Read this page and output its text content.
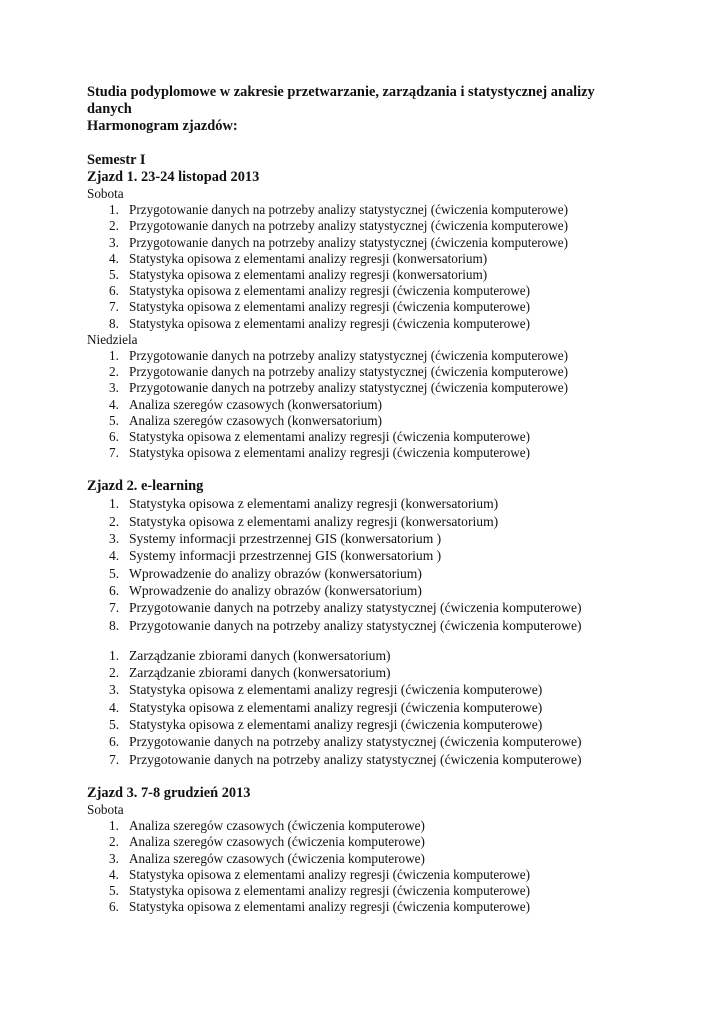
Studia podyplomowe w zakresie przetwarzanie, zarządzania i statystycznej analizy

danych

Harmonogram zjazdów:

Semestr I

Zjazd 1. 23-24 listopad 2013

Sobota

1. Przygotowanie danych na potrzeby analizy statystycznej (ćwiczenia komputerowe)
2. Przygotowanie danych na potrzeby analizy statystycznej (ćwiczenia komputerowe)
3. Przygotowanie danych na potrzeby analizy statystycznej (ćwiczenia komputerowe)
4. Statystyka opisowa z elementami analizy regresji (konwersatorium)
5. Statystyka opisowa z elementami analizy regresji (konwersatorium)
6. Statystyka opisowa z elementami analizy regresji (ćwiczenia komputerowe)
7. Statystyka opisowa z elementami analizy regresji (ćwiczenia komputerowe)
8. Statystyka opisowa z elementami analizy regresji (ćwiczenia komputerowe)

Niedziela

1. Przygotowanie danych na potrzeby analizy statystycznej (ćwiczenia komputerowe)
2. Przygotowanie danych na potrzeby analizy statystycznej (ćwiczenia komputerowe)
3. Przygotowanie danych na potrzeby analizy statystycznej (ćwiczenia komputerowe)
4. Analiza szeregów czasowych (konwersatorium)
5. Analiza szeregów czasowych (konwersatorium)
6. Statystyka opisowa z elementami analizy regresji (ćwiczenia komputerowe)
7. Statystyka opisowa z elementami analizy regresji (ćwiczenia komputerowe)

Zjazd 2. e-learning

1. Statystyka opisowa z elementami analizy regresji (konwersatorium)
2. Statystyka opisowa z elementami analizy regresji (konwersatorium)
3. Systemy informacji przestrzennej GIS (konwersatorium )
4. Systemy informacji przestrzennej GIS (konwersatorium )
5. Wprowadzenie do analizy obrazów (konwersatorium)
6. Wprowadzenie do analizy obrazów (konwersatorium)
7. Przygotowanie danych na potrzeby analizy statystycznej (ćwiczenia komputerowe)
8. Przygotowanie danych na potrzeby analizy statystycznej (ćwiczenia komputerowe)
1. Zarządzanie zbiorami danych (konwersatorium)
2. Zarządzanie zbiorami danych (konwersatorium)
3. Statystyka opisowa z elementami analizy regresji (ćwiczenia komputerowe)
4. Statystyka opisowa z elementami analizy regresji (ćwiczenia komputerowe)
5. Statystyka opisowa z elementami analizy regresji (ćwiczenia komputerowe)
6. Przygotowanie danych na potrzeby analizy statystycznej (ćwiczenia komputerowe)
7. Przygotowanie danych na potrzeby analizy statystycznej (ćwiczenia komputerowe)

Zjazd 3. 7-8 grudzień 2013

Sobota

1. Analiza szeregów czasowych (ćwiczenia komputerowe)
2. Analiza szeregów czasowych (ćwiczenia komputerowe)
3. Analiza szeregów czasowych (ćwiczenia komputerowe)
4. Statystyka opisowa z elementami analizy regresji (ćwiczenia komputerowe)
5. Statystyka opisowa z elementami analizy regresji (ćwiczenia komputerowe)
6. Statystyka opisowa z elementami analizy regresji (ćwiczenia komputerowe)
